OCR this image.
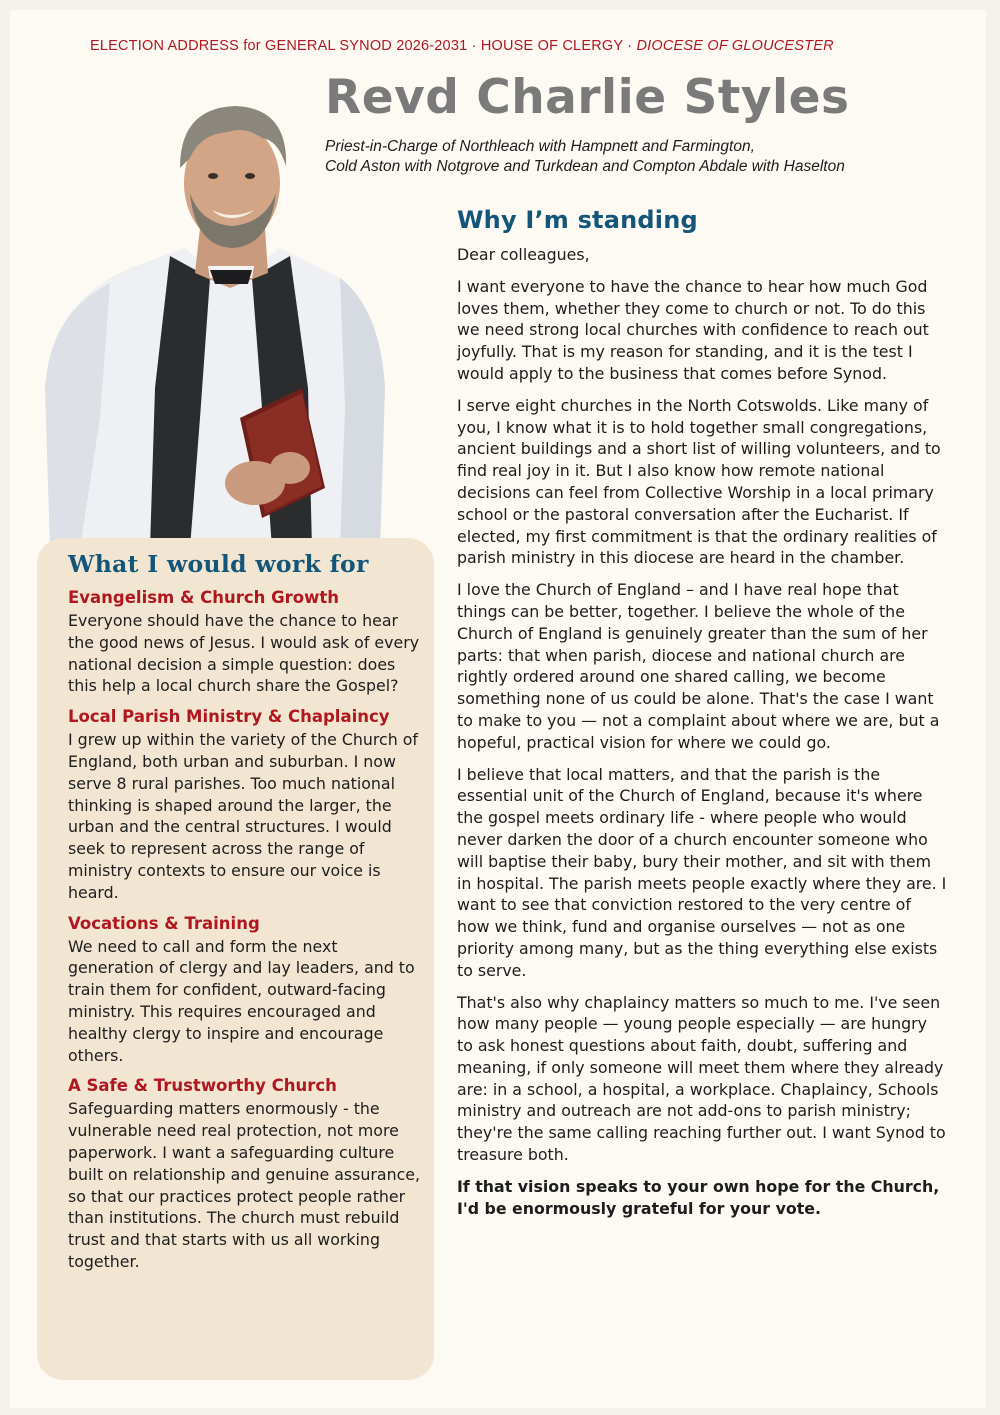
ELECTION ADDRESS for GENERAL SYNOD 2026-2031 · HOUSE OF CLERGY · DIOCESE OF GLOUCESTER
Revd Charlie Styles
Priest-in-Charge of Northleach with Hampnett and Farmington,
Cold Aston with Notgrove and Turkdean and Compton Abdale with Haselton
Why I’m standing

Dear colleagues,

I want everyone to have the chance to hear how much God loves them, whether they come to church or not. To do this we need strong local churches with confidence to reach out joyfully. That is my reason for standing, and it is the test I would apply to the business that comes before Synod.

I serve eight churches in the North Cotswolds. Like many of you, I know what it is to hold together small congregations, ancient buildings and a short list of willing volunteers, and to find real joy in it. But I also know how remote national decisions can feel from Collective Worship in a local primary school or the pastoral conversation after the Eucharist. If elected, my first commitment is that the ordinary realities of parish ministry in this diocese are heard in the chamber.

I love the Church of England – and I have real hope that things can be better, together. I believe the whole of the Church of England is genuinely greater than the sum of her parts: that when parish, diocese and national church are rightly ordered around one shared calling, we become something none of us could be alone. That's the case I want to make to you — not a complaint about where we are, but a hopeful, practical vision for where we could go.

I believe that local matters, and that the parish is the essential unit of the Church of England, because it's where the gospel meets ordinary life - where people who would never darken the door of a church encounter someone who will baptise their baby, bury their mother, and sit with them in hospital. The parish meets people exactly where they are. I want to see that conviction restored to the very centre of how we think, fund and organise ourselves — not as one priority among many, but as the thing everything else exists to serve.

That's also why chaplaincy matters so much to me. I've seen how many people — young people especially — are hungry to ask honest questions about faith, doubt, suffering and meaning, if only someone will meet them where they already are: in a school, a hospital, a workplace. Chaplaincy, Schools ministry and outreach are not add-ons to parish ministry; they're the same calling reaching further out. I want Synod to treasure both.

If that vision speaks to your own hope for the Church, I'd be enormously grateful for your vote.

What I would work for
Evangelism & Church Growth

Everyone should have the chance to hear the good news of Jesus. I would ask of every national decision a simple question: does this help a local church share the Gospel?

Local Parish Ministry & Chaplaincy

I grew up within the variety of the Church of England, both urban and suburban. I now serve 8 rural parishes. Too much national thinking is shaped around the larger, the urban and the central structures. I would seek to represent across the range of ministry contexts to ensure our voice is heard.

Vocations & Training

We need to call and form the next generation of clergy and lay leaders, and to train them for confident, outward-facing ministry. This requires encouraged and healthy clergy to inspire and encourage others.

A Safe & Trustworthy Church

Safeguarding matters enormously - the vulnerable need real protection, not more paperwork. I want a safeguarding culture built on relationship and genuine assurance, so that our practices protect people rather than institutions. The church must rebuild trust and that starts with us all working together.
